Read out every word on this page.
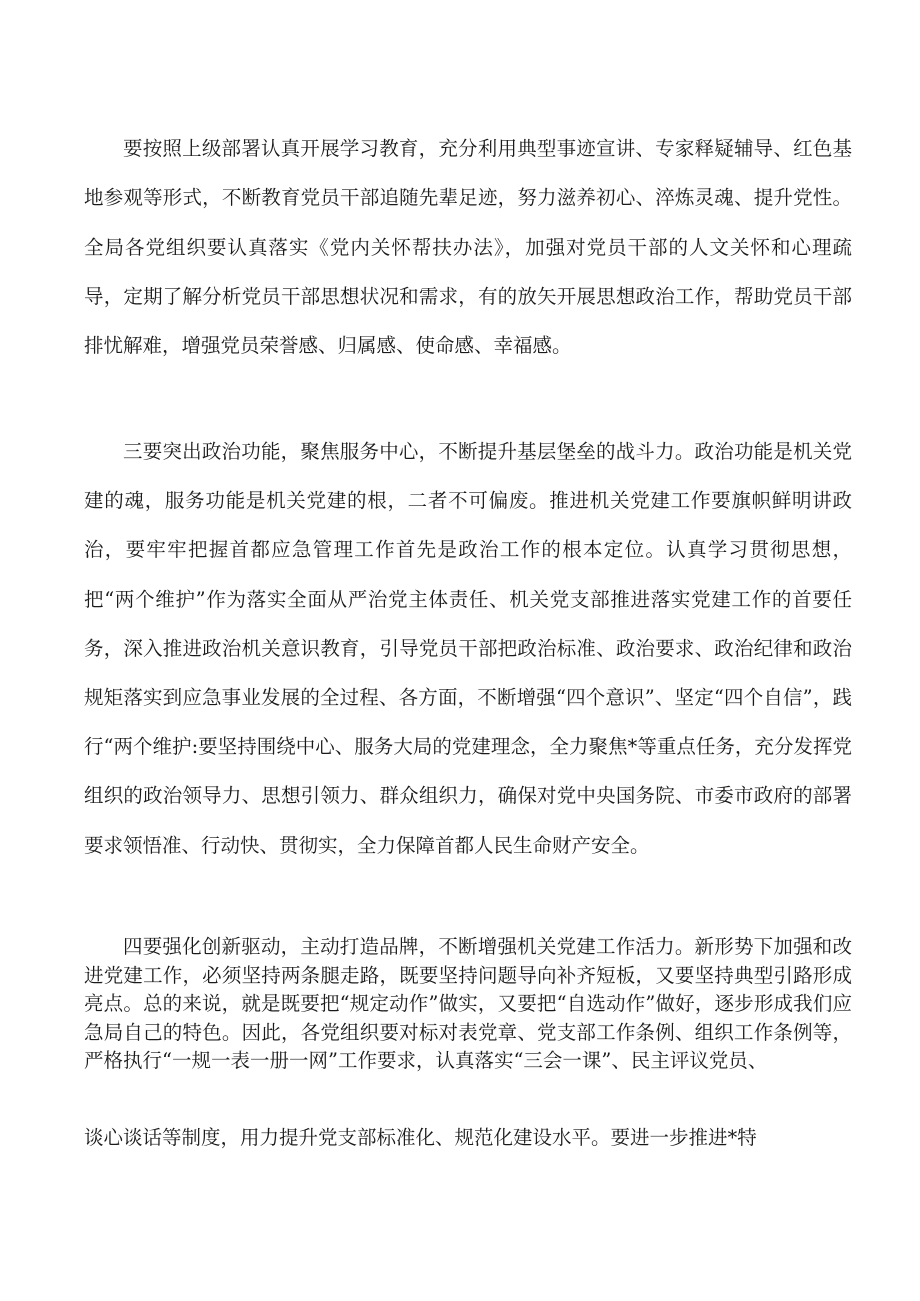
要按照上级部署认真开展学习教育，充分利用典型事迹宣讲、专家释疑辅导、红色基地参观等形式，不断教育党员干部追随先辈足迹，努力滋养初心、淬炼灵魂、提升党性。全局各党组织要认真落实《党内关怀帮扶办法》，加强对党员干部的人文关怀和心理疏导，定期了解分析党员干部思想状况和需求，有的放矢开展思想政治工作，帮助党员干部排忧解难，增强党员荣誉感、归属感、使命感、幸福感。

三要突出政治功能，聚焦服务中心，不断提升基层堡垒的战斗力。政治功能是机关党建的魂，服务功能是机关党建的根，二者不可偏废。推进机关党建工作要旗帜鲜明讲政治，要牢牢把握首都应急管理工作首先是政治工作的根本定位。认真学习贯彻思想，把“两个维护”作为落实全面从严治党主体责任、机关党支部推进落实党建工作的首要任务，深入推进政治机关意识教育，引导党员干部把政治标准、政治要求、政治纪律和政治规矩落实到应急事业发展的全过程、各方面，不断增强“四个意识”、坚定“四个自信”，践行“两个维护:要坚持围绕中心、服务大局的党建理念，全力聚焦*等重点任务，充分发挥党组织的政治领导力、思想引领力、群众组织力，确保对党中央国务院、市委市政府的部署要求领悟准、行动快、贯彻实，全力保障首都人民生命财产安全。

四要强化创新驱动，主动打造品牌，不断增强机关党建工作活力。新形势下加强和改进党建工作，必须坚持两条腿走路，既要坚持问题导向补齐短板，又要坚持典型引路形成亮点。总的来说，就是既要把“规定动作”做实，又要把“自选动作”做好，逐步形成我们应急局自己的特色。因此，各党组织要对标对表党章、党支部工作条例、组织工作条例等，严格执行“一规一表一册一网”工作要求，认真落实“三会一课”、民主评议党员、

谈心谈话等制度，用力提升党支部标准化、规范化建设水平。要进一步推进*特
